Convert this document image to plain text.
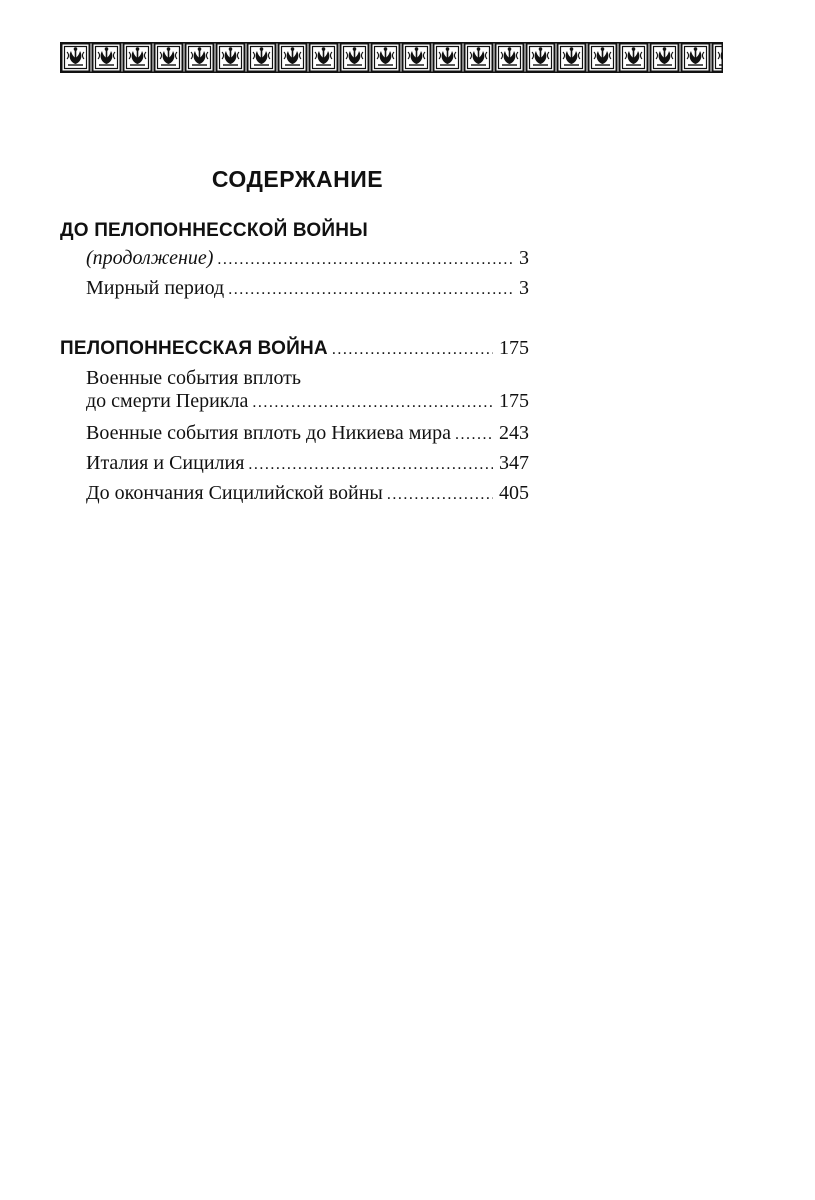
СОДЕРЖАНИЕ
ДО ПЕЛОПОННЕССКОЙ ВОЙНЫ
(продолжение) .....	3
Мирный период .....	3
ПЕЛОПОННЕССКАЯ ВОЙНА .....	175
Военные события вплоть
до смерти Перикла .....	175
Военные события вплоть до Никиева мира ..... 243
Италия и Сицилия .....	347
До окончания Сицилийской войны .....	405
